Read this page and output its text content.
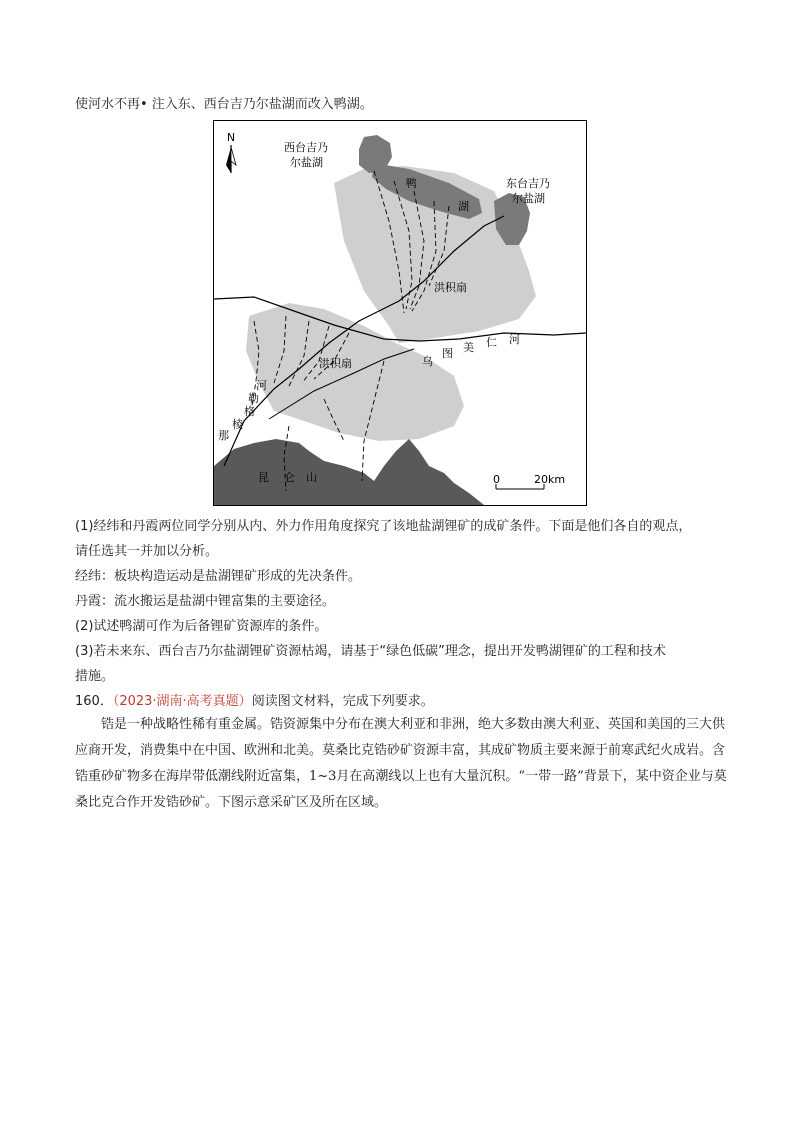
使河水不再• 注入东、西台吉乃尔盐湖而改入鸭湖。
N
西台吉乃
尔盐湖
鸭
湖
东台吉乃
尔盐湖
洪积扇
洪积扇	乌
图 美 仁 河
那
棱
格
勒
河
昆 仑 山	0	20km
(1)经纬和丹霞两位同学分别从内、外力作用角度探究了该地盐湖锂矿的成矿条件。下面是他们各自的观点，
请任选其一并加以分析。
经纬：板块构造运动是盐湖锂矿形成的先决条件。
丹霞：流水搬运是盐湖中锂富集的主要途径。
(2)试述鸭湖可作为后备锂矿资源库的条件。
(3)若未来东、西台吉乃尔盐湖锂矿资源枯竭，请基于“绿色低碳”理念，提出开发鸭湖锂矿的工程和技术
措施。
160．（2023·湖南·高考真题）阅读图文材料，完成下列要求。
锆是一种战略性稀有重金属。锆资源集中分布在澳大利亚和非洲，绝大多数由澳大利亚、英国和美国的三大供应商开发，消费集中在中国、欧洲和北美。莫桑比克锆砂矿资源丰富，其成矿物质主要来源于前寒武纪火成岩。含锆重砂矿物多在海岸带低潮线附近富集，1~3月在高潮线以上也有大量沉积。“一带一路”背景下，某中资企业与莫桑比克合作开发锆砂矿。下图示意采矿区及所在区域。
